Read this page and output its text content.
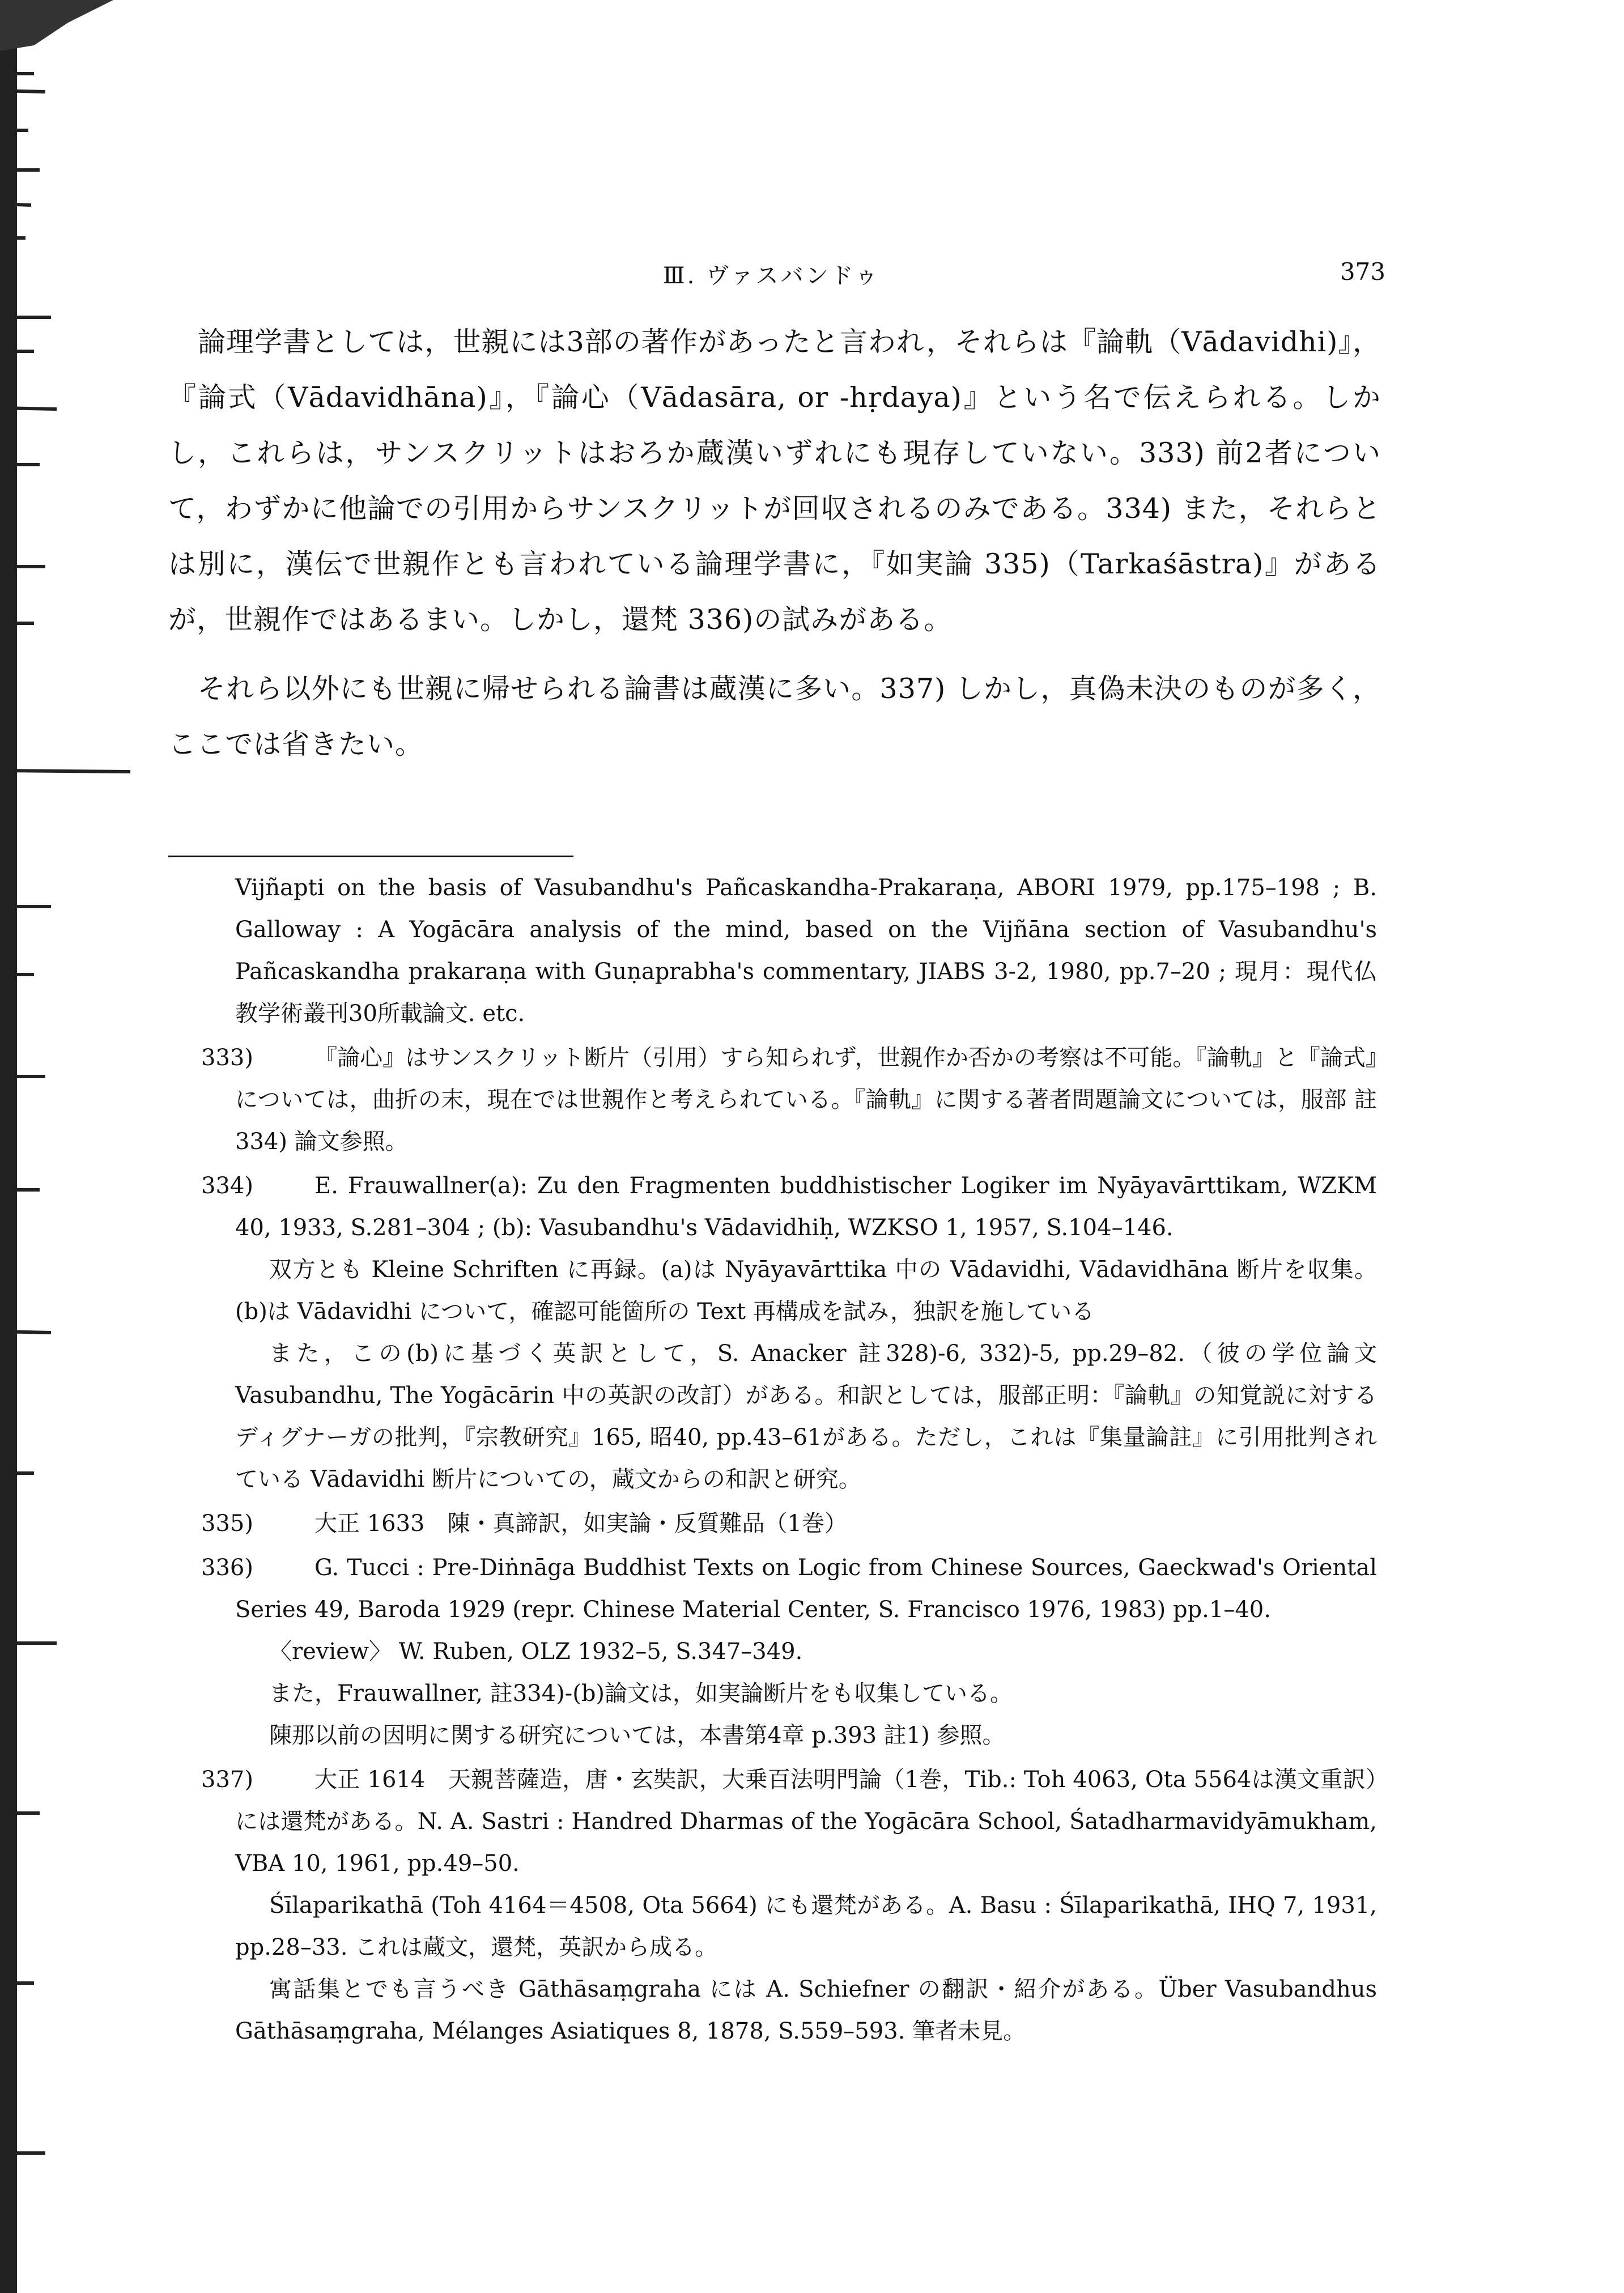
Ⅲ. ヴァスバンドゥ	373

論理学書としては，世親には3部の著作があったと言われ，それらは『論軌（Vādavidhi)』，『論式（Vādavidhāna)』，『論心（Vādasāra, or -hṛdaya)』という名で伝えられる。しかし，これらは，サンスクリットはおろか蔵漢いずれにも現存していない。333) 前2者について，わずかに他論での引用からサンスクリットが回収されるのみである。334) また，それらとは別に，漢伝で世親作とも言われている論理学書に，『如実論 335)（Tarkaśāstra)』があるが，世親作ではあるまい。しかし，還梵 336)の試みがある。

それら以外にも世親に帰せられる論書は蔵漢に多い。337) しかし，真偽未決のものが多く，ここでは省きたい。

Vijñapti on the basis of Vasubandhu's Pañcaskandha-Prakaraṇa, ABORI 1979, pp.175–198 ; B. Galloway : A Yogācāra analysis of the mind, based on the Vijñāna section of Vasubandhu's Pañcaskandha prakaraṇa with Guṇaprabha's commentary, JIABS 3-2, 1980, pp.7–20 ; 現月：現代仏教学術叢刊30所載論文. etc.

333)	『論心』はサンスクリット断片（引用）すら知られず，世親作か否かの考察は不可能。『論軌』と『論式』については，曲折の末，現在では世親作と考えられている。『論軌』に関する著者問題論文については，服部 註334) 論文参照。

334)	E. Frauwallner(a): Zu den Fragmenten buddhistischer Logiker im Nyāyavārttikam, WZKM 40, 1933, S.281–304 ; (b): Vasubandhu's Vādavidhiḥ, WZKSO 1, 1957, S.104–146.

双方とも Kleine Schriften に再録。(a)は Nyāyavārttika 中の Vādavidhi, Vādavidhāna 断片を収集。(b)は Vādavidhi について，確認可能箇所の Text 再構成を試み，独訳を施している

また，この(b)に基づく英訳として，S. Anacker 註328)-6, 332)-5, pp.29–82.（彼の学位論文 Vasubandhu, The Yogācārin 中の英訳の改訂）がある。和訳としては，服部正明：『論軌』の知覚説に対するディグナーガの批判，『宗教研究』165, 昭40, pp.43–61がある。ただし，これは『集量論註』に引用批判されている Vādavidhi 断片についての，蔵文からの和訳と研究。

335)	大正 1633　陳・真諦訳，如実論・反質難品（1巻）

336)	G. Tucci : Pre-Diṅnāga Buddhist Texts on Logic from Chinese Sources, Gaeckwad's Oriental Series 49, Baroda 1929 (repr. Chinese Material Center, S. Francisco 1976, 1983) pp.1–40.

〈review〉 W. Ruben, OLZ 1932–5, S.347–349.

また，Frauwallner, 註334)-(b)論文は，如実論断片をも収集している。

陳那以前の因明に関する研究については，本書第4章 p.393 註1) 参照。

337)	大正 1614　天親菩薩造，唐・玄奘訳，大乗百法明門論（1巻，Tib.: Toh 4063, Ota 5564は漢文重訳）には還梵がある。N. A. Sastri : Handred Dharmas of the Yogācāra School, Śatadharmavidyāmukham, VBA 10, 1961, pp.49–50.

Śīlaparikathā (Toh 4164＝4508, Ota 5664) にも還梵がある。A. Basu : Śīlaparikathā, IHQ 7, 1931, pp.28–33. これは蔵文，還梵，英訳から成る。

寓話集とでも言うべき Gāthāsaṃgraha には A. Schiefner の翻訳・紹介がある。Über Vasubandhus Gāthāsaṃgraha, Mélanges Asiatiques 8, 1878, S.559–593. 筆者未見。
